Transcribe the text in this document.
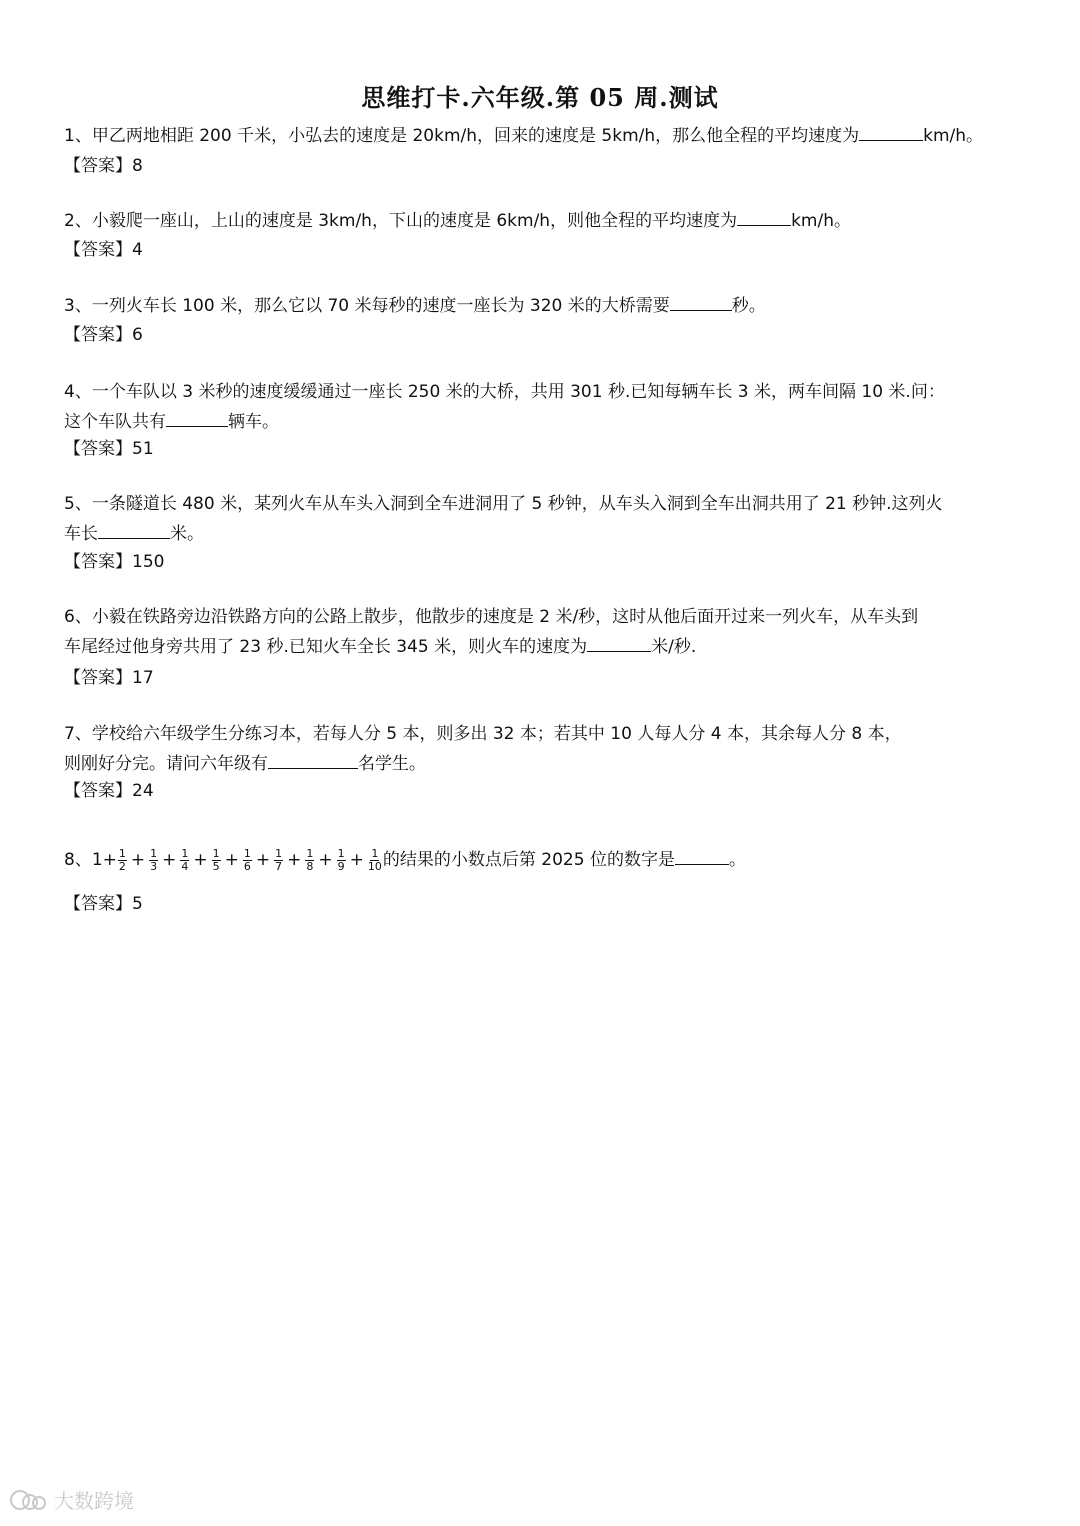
思维打卡.六年级.第 05 周.测试
1、甲乙两地相距 200 千米，小弘去的速度是 20km/h，回来的速度是 5km/h，那么他全程的平均速度为	km/h。
【答案】8
2、小毅爬一座山，上山的速度是 3km/h，下山的速度是 6km/h，则他全程的平均速度为	km/h。
【答案】4
3、一列火车长 100 米，那么它以 70 米每秒的速度一座长为 320 米的大桥需要	秒。
【答案】6
4、一个车队以 3 米秒的速度缓缓通过一座长 250 米的大桥，共用 301 秒.已知每辆车长 3 米，两车间隔 10 米.问：
这个车队共有	辆车。
【答案】51
5、一条隧道长 480 米，某列火车从车头入洞到全车进洞用了 5 秒钟，从车头入洞到全车出洞共用了 21 秒钟.这列火
车长	米。
【答案】150
6、小毅在铁路旁边沿铁路方向的公路上散步，他散步的速度是 2 米/秒，这时从他后面开过来一列火车，从车头到
车尾经过他身旁共用了 23 秒.已知火车全长 345 米，则火车的速度为	米/秒.
【答案】17
7、学校给六年级学生分练习本，若每人分 5 本，则多出 32 本；若其中 10 人每人分 4 本，其余每人分 8 本，
则刚好分完。请问六年级有	名学生。
【答案】24
8、$1+ \frac{1}{2} + \frac{1}{3} + \frac{1}{4} + \frac{1}{5} + \frac{1}{6} + \frac{1}{7} + \frac{1}{8} + \frac{1}{9} + \frac{1}{10}$ 的结果的小数点后第 2025 位的数字是	。
【答案】5
大数跨境
